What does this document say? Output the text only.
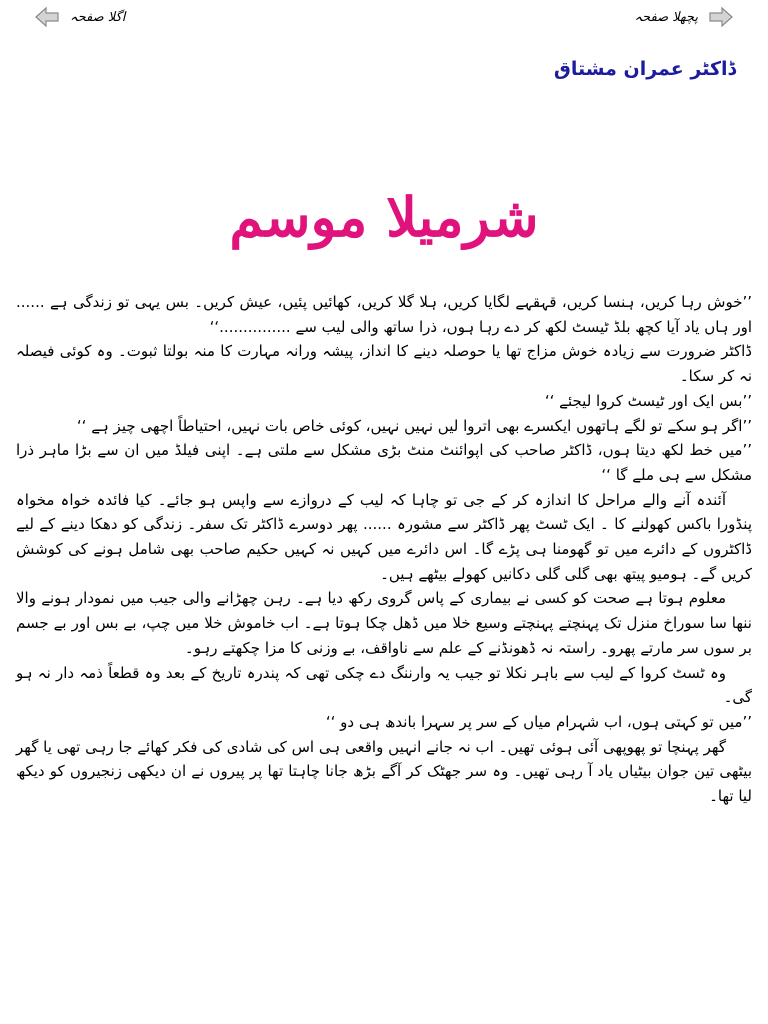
اگلا صفحہ	پچھلا صفحہ
ڈاکٹر عمران مشتاق
شرمیلا موسم

’’خوش رہا کریں، ہنسا کریں، قہقہے لگایا کریں، ہلا گلا کریں، کھائیں پئیں، عیش کریں۔ بس یہی تو زندگی ہے ...... اور ہاں یاد آیا کچھ بلڈ ٹیسٹ لکھ کر دے رہا ہوں، ذرا ساتھ والی لیب سے ...............‘‘

ڈاکٹر ضرورت سے زیادہ خوش مزاج تھا یا حوصلہ دینے کا انداز، پیشہ ورانہ مہارت کا منہ بولتا ثبوت۔ وہ کوئی فیصلہ نہ کر سکا۔

’’بس ایک اور ٹیسٹ کروا لیجئے ‘‘

’’اگر ہو سکے تو لگے ہاتھوں ایکسرے بھی اتروا لیں نہیں نہیں، کوئی خاص بات نہیں، احتیاطاً اچھی چیز ہے ‘‘

’’میں خط لکھ دیتا ہوں، ڈاکٹر صاحب کی اپوائنٹ منٹ بڑی مشکل سے ملتی ہے۔ اپنی فیلڈ میں ان سے بڑا ماہر ذرا مشکل سے ہی ملے گا ‘‘

آئندہ آنے والے مراحل کا اندازہ کر کے جی تو چاہا کہ لیب کے دروازے سے واپس ہو جائے۔ کیا فائدہ خواہ مخواہ پنڈورا باکس کھولنے کا ۔ ایک ٹسٹ پھر ڈاکٹر سے مشورہ ...... پھر دوسرے ڈاکٹر تک سفر۔ زندگی کو دھکا دینے کے لیے ڈاکٹروں کے دائرے میں تو گھومنا ہی پڑے گا۔ اس دائرے میں کہیں نہ کہیں حکیم صاحب بھی شامل ہونے کی کوشش کریں گے۔ ہومیو پیتھ بھی گلی گلی دکانیں کھولے بیٹھے ہیں۔

معلوم ہوتا ہے صحت کو کسی نے بیماری کے پاس گروی رکھ دیا ہے۔ رہن چھڑانے والی جیب میں نمودار ہونے والا ننھا سا سوراخ منزل تک پہنچتے پہنچتے وسیع خلا میں ڈھل چکا ہوتا ہے۔ اب خاموش خلا میں چپ، بے بس اور بے جسم بر سوں سر مارتے پھرو۔ راستہ نہ ڈھونڈنے کے علم سے ناواقف، بے وزنی کا مزا چکھتے رہو۔

وہ ٹسٹ کروا کے لیب سے باہر نکلا تو جیب یہ وارننگ دے چکی تھی کہ پندرہ تاریخ کے بعد وہ قطعاً ذمہ دار نہ ہو گی۔

’’میں تو کہتی ہوں، اب شہرام میاں کے سر پر سہرا باندھ ہی دو ‘‘

گھر پہنچا تو پھوپھی آئی ہوئی تھیں۔ اب نہ جانے انہیں واقعی ہی اس کی شادی کی فکر کھائے جا رہی تھی یا گھر بیٹھی تین جوان بیٹیاں یاد آ رہی تھیں۔ وہ سر جھٹک کر آگے بڑھ جانا چاہتا تھا پر پیروں نے ان دیکھی زنجیروں کو دیکھ لیا تھا۔
